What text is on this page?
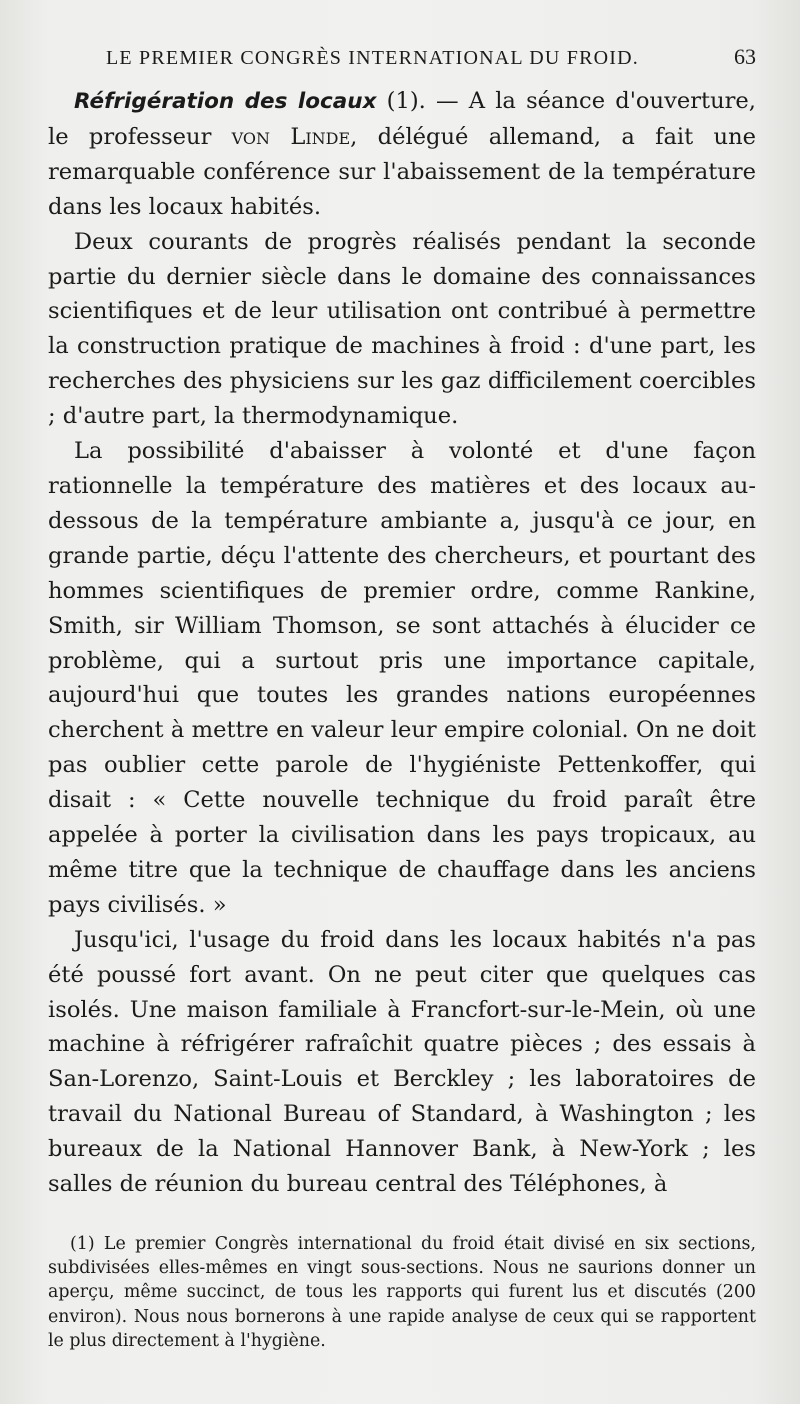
LE PREMIER CONGRÈS INTERNATIONAL DU FROID.	63

Réfrigération des locaux (1). — A la séance d'ouverture, le professeur von Linde, délégué allemand, a fait une remarquable conférence sur l'abaissement de la température dans les locaux habités.

Deux courants de progrès réalisés pendant la seconde partie du dernier siècle dans le domaine des connaissances scientifiques et de leur utilisation ont contribué à permettre la construction pratique de machines à froid : d'une part, les recherches des physiciens sur les gaz difficilement coercibles ; d'autre part, la thermodynamique.

La possibilité d'abaisser à volonté et d'une façon rationnelle la température des matières et des locaux au-dessous de la température ambiante a, jusqu'à ce jour, en grande partie, déçu l'attente des chercheurs, et pourtant des hommes scientifiques de premier ordre, comme Rankine, Smith, sir William Thomson, se sont attachés à élucider ce problème, qui a surtout pris une importance capitale, aujourd'hui que toutes les grandes nations européennes cherchent à mettre en valeur leur empire colonial. On ne doit pas oublier cette parole de l'hygiéniste Pettenkoffer, qui disait : « Cette nouvelle technique du froid paraît être appelée à porter la civilisation dans les pays tropicaux, au même titre que la technique de chauffage dans les anciens pays civilisés. »

Jusqu'ici, l'usage du froid dans les locaux habités n'a pas été poussé fort avant. On ne peut citer que quelques cas isolés. Une maison familiale à Francfort-sur-le-Mein, où une machine à réfrigérer rafraîchit quatre pièces ; des essais à San-Lorenzo, Saint-Louis et Berckley ; les laboratoires de travail du National Bureau of Standard, à Washington ; les bureaux de la National Hannover Bank, à New-York ; les salles de réunion du bureau central des Téléphones, à

(1) Le premier Congrès international du froid était divisé en six sections, subdivisées elles-mêmes en vingt sous-sections. Nous ne saurions donner un aperçu, même succinct, de tous les rapports qui furent lus et discutés (200 environ). Nous nous bornerons à une rapide analyse de ceux qui se rapportent le plus directement à l'hygiène.
